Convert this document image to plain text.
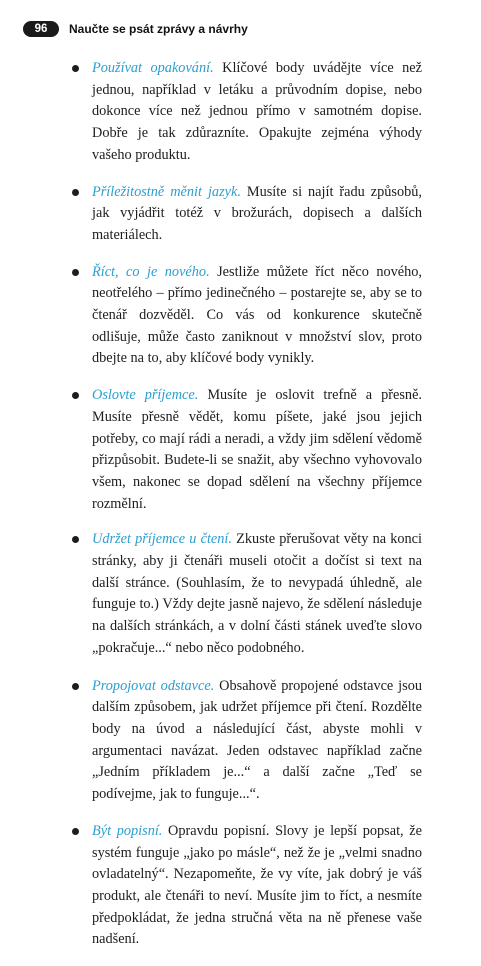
96	Naučte se psát zprávy a návrhy

Používat opakování. Klíčové body uvádějte více než jednou, například v letáku a průvodním dopise, nebo dokonce více než jednou přímo v samotném dopise. Dobře je tak zdůrazníte. Opakujte zejména výhody vašeho produktu.

Příležitostně měnit jazyk. Musíte si najít řadu způsobů, jak vyjádřit totéž v brožurách, dopisech a dalších materiálech.

Říct, co je nového. Jestliže můžete říct něco nového, neotřelého – přímo jedinečného – postarejte se, aby se to čtenář dozvěděl. Co vás od konkurence skutečně odlišuje, může často zaniknout v množství slov, proto dbejte na to, aby klíčové body vynikly.

Oslovte příjemce. Musíte je oslovit trefně a přesně. Musíte přesně vědět, komu píšete, jaké jsou jejich potřeby, co mají rádi a neradi, a vždy jim sdělení vědomě přizpůsobit. Budete-li se snažit, aby všechno vyhovovalo všem, nakonec se dopad sdělení na všechny příjemce rozmělní.

Udržet příjemce u čtení. Zkuste přerušovat věty na konci stránky, aby ji čtenáři museli otočit a dočíst si text na další stránce. (Souhlasím, že to nevypadá úhledně, ale funguje to.) Vždy dejte jasně najevo, že sdělení následuje na dalších stránkách, a v dolní části stánek uveďte slovo „pokračuje...“ nebo něco podobného.

Propojovat odstavce. Obsahově propojené odstavce jsou dalším způsobem, jak udržet příjemce při čtení. Rozdělte body na úvod a následující část, abyste mohli v argumentaci navázat. Jeden odstavec například začne „Jedním příkladem je...“ a další začne „Teď se podívejme, jak to funguje...“.

Být popisní. Opravdu popisní. Slovy je lepší popsat, že systém funguje „jako po másle“, než že je „velmi snadno ovladatelný“. Nezapomeňte, že vy víte, jak dobrý je váš produkt, ale čtenáři to neví. Musíte jim to říct, a nesmíte předpokládat, že jedna stručná věta na ně přenese vaše nadšení.
